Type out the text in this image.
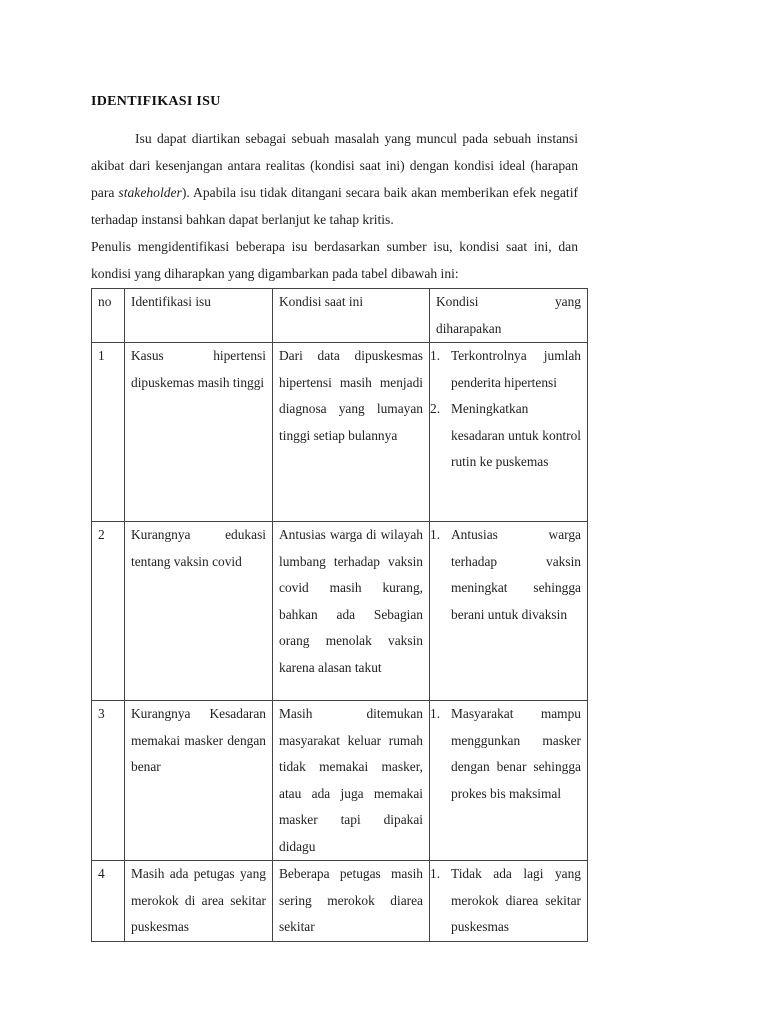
IDENTIFIKASI ISU

Isu dapat diartikan sebagai sebuah masalah yang muncul pada sebuah instansi akibat dari kesenjangan antara realitas (kondisi saat ini) dengan kondisi ideal (harapan para stakeholder). Apabila isu tidak ditangani secara baik akan memberikan efek negatif terhadap instansi bahkan dapat berlanjut ke tahap kritis.

Penulis mengidentifikasi beberapa isu berdasarkan sumber isu, kondisi saat ini, dan kondisi yang diharapkan yang digambarkan pada tabel dibawah ini:

no	Identifikasi isu	Kondisi saat ini	Kondisi yang
diharapakan

1	Kasus hipertensi dipuskemas masih tinggi	Dari data dipuskesmas hipertensi masih menjadi diagnosa yang lumayan tinggi setiap bulannya	1. Terkontrolnya jumlah penderita hipertensi
2. Meningkatkan kesadaran untuk kontrol rutin ke puskemas

2	Kurangnya edukasi tentang vaksin covid	Antusias warga di wilayah lumbang terhadap vaksin covid masih kurang, bahkan ada Sebagian orang menolak vaksin karena alasan takut	1. Antusias warga terhadap vaksin meningkat sehingga berani untuk divaksin

3	Kurangnya Kesadaran memakai masker dengan benar	Masih ditemukan masyarakat keluar rumah tidak memakai masker, atau ada juga memakai masker tapi dipakai didagu	1. Masyarakat mampu menggunkan masker dengan benar sehingga prokes bis maksimal

4	Masih ada petugas yang merokok di area sekitar puskesmas	Beberapa petugas masih sering merokok diarea sekitar	1. Tidak ada lagi yang merokok diarea sekitar puskesmas
